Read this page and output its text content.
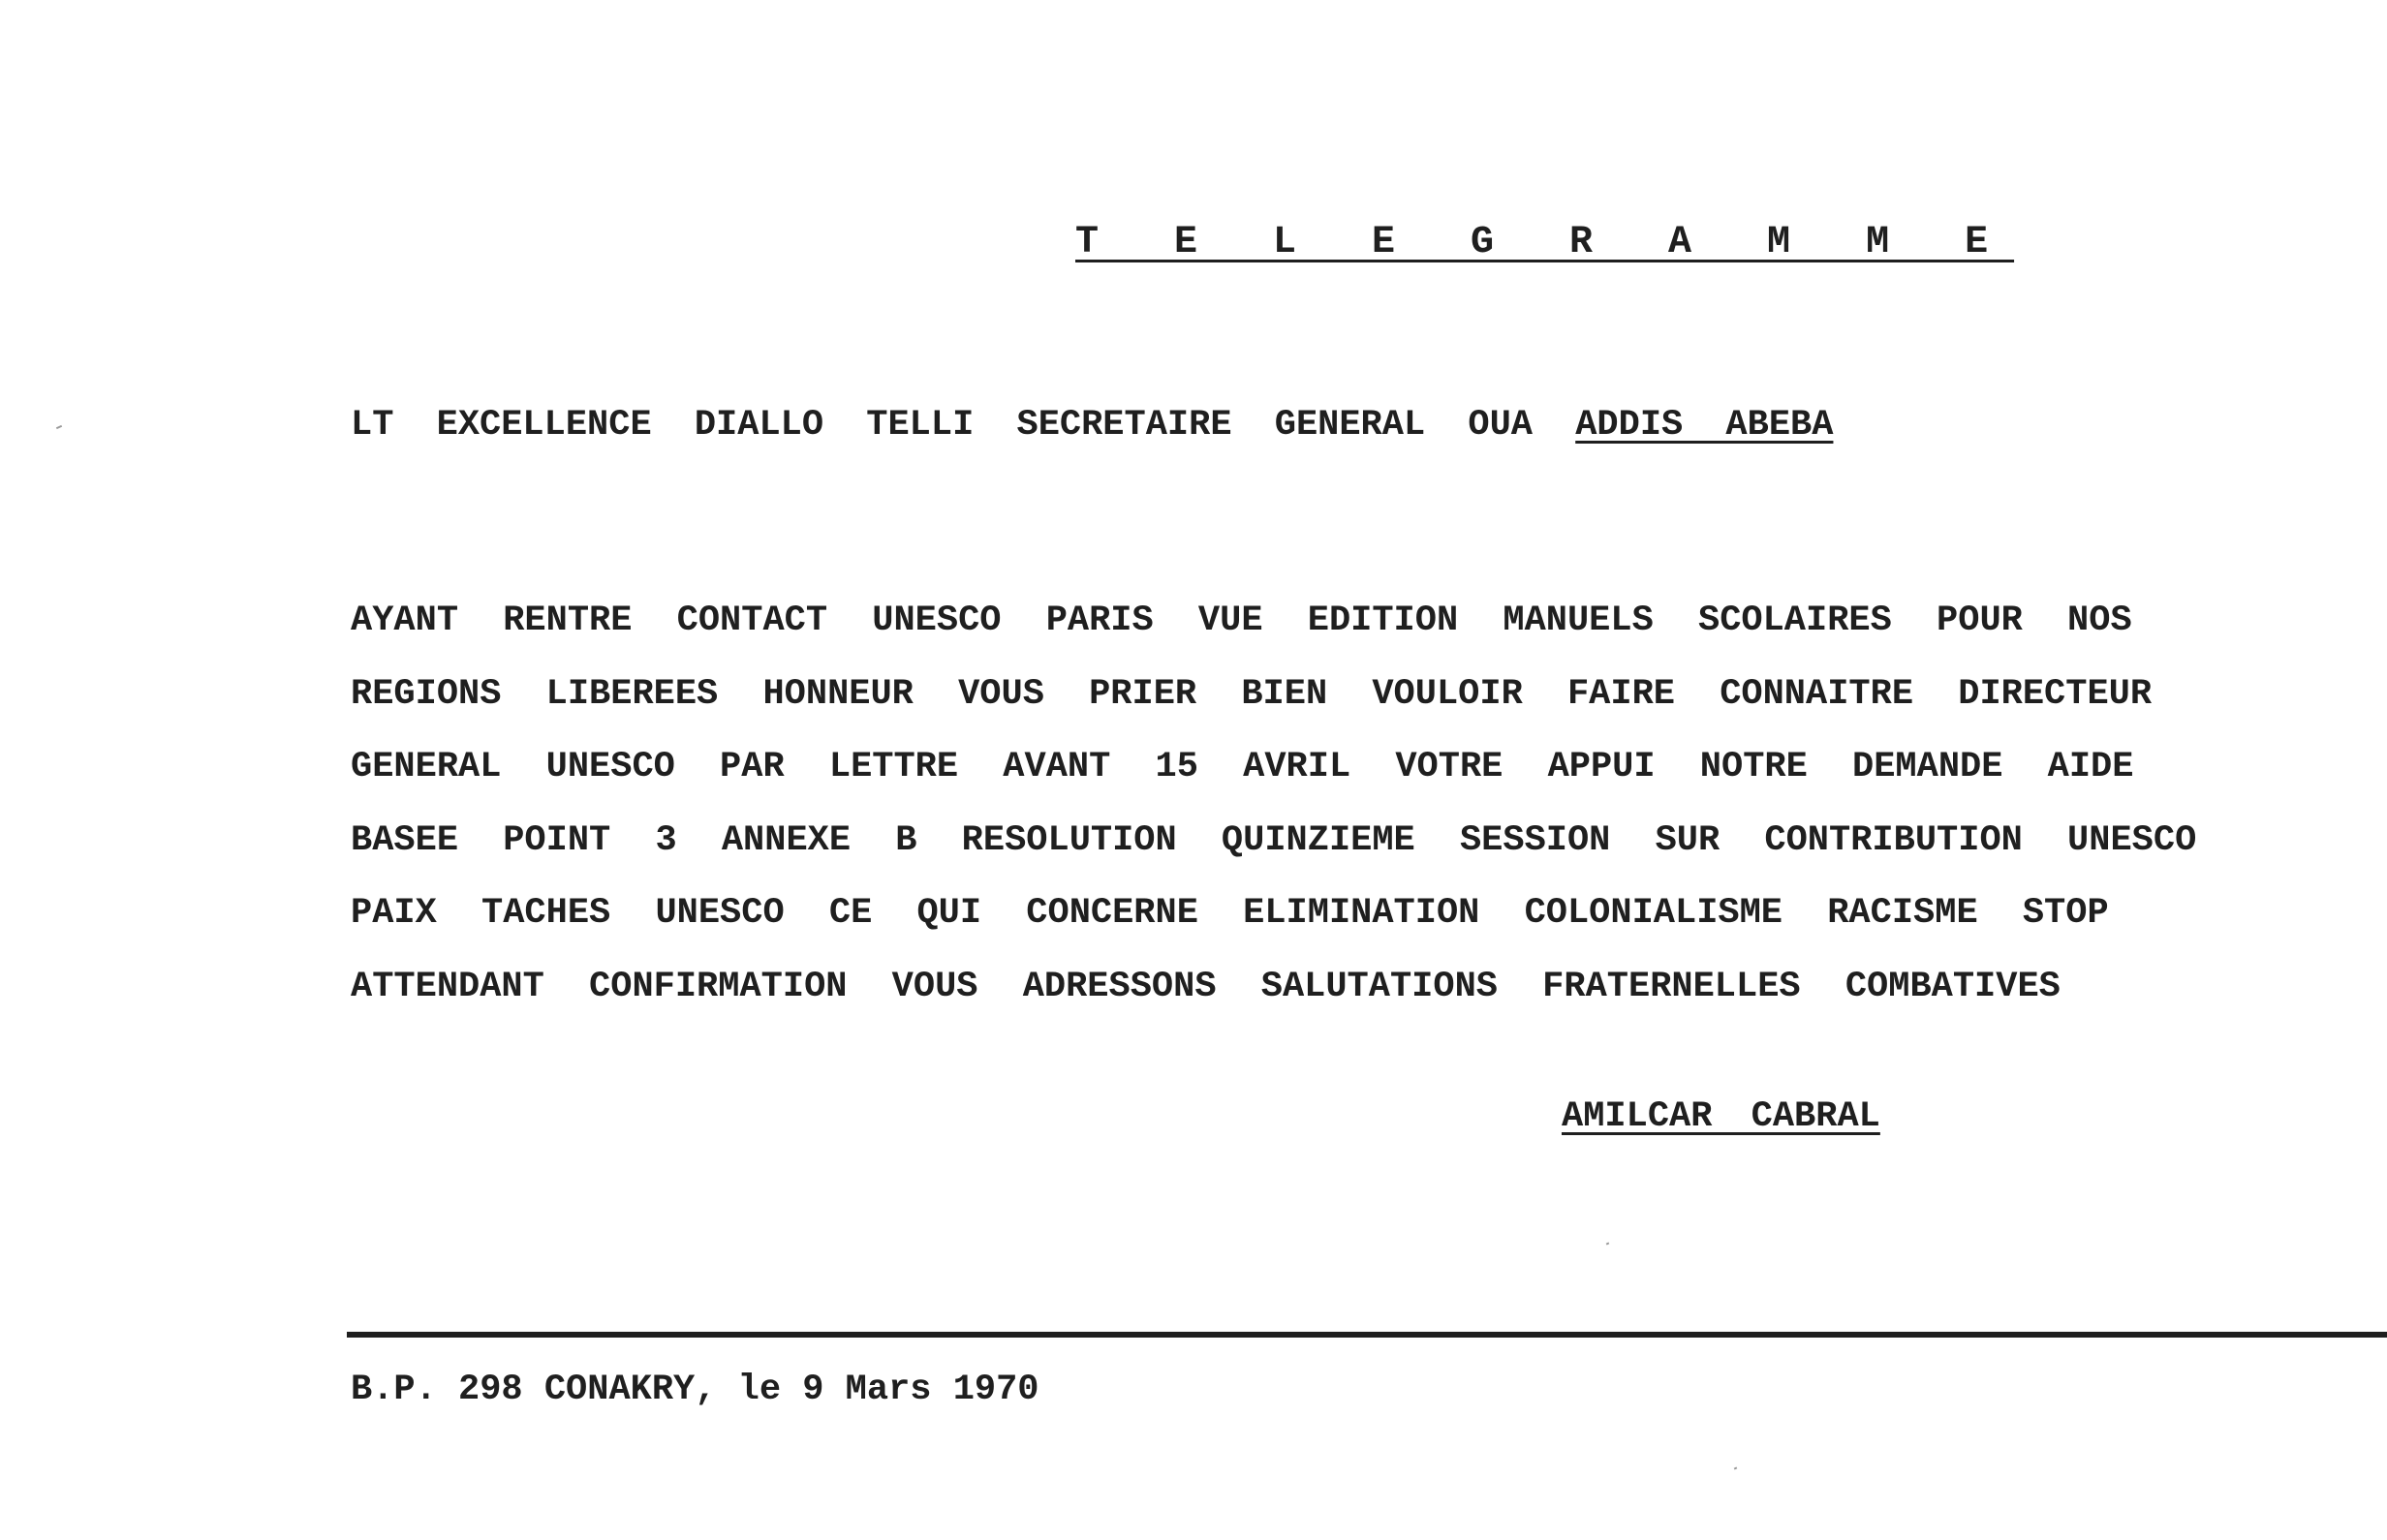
T E L E G R A M M E
LT EXCELLENCE DIALLO TELLI SECRETAIRE GENERAL OUA ADDIS ABEBA
AYANT RENTRE CONTACT UNESCO PARIS VUE EDITION MANUELS SCOLAIRES POUR NOS
REGIONS LIBEREES HONNEUR VOUS PRIER BIEN VOULOIR FAIRE CONNAITRE DIRECTEUR
GENERAL UNESCO PAR LETTRE AVANT 15 AVRIL VOTRE APPUI NOTRE DEMANDE AIDE
BASEE POINT 3 ANNEXE B RESOLUTION QUINZIEME SESSION SUR CONTRIBUTION UNESCO
PAIX TACHES UNESCO CE QUI CONCERNE ELIMINATION COLONIALISME RACISME STOP
ATTENDANT CONFIRMATION VOUS ADRESSONS SALUTATIONS FRATERNELLES COMBATIVES
AMILCAR CABRAL
B.P. 298 CONAKRY, le 9 Mars 1970
